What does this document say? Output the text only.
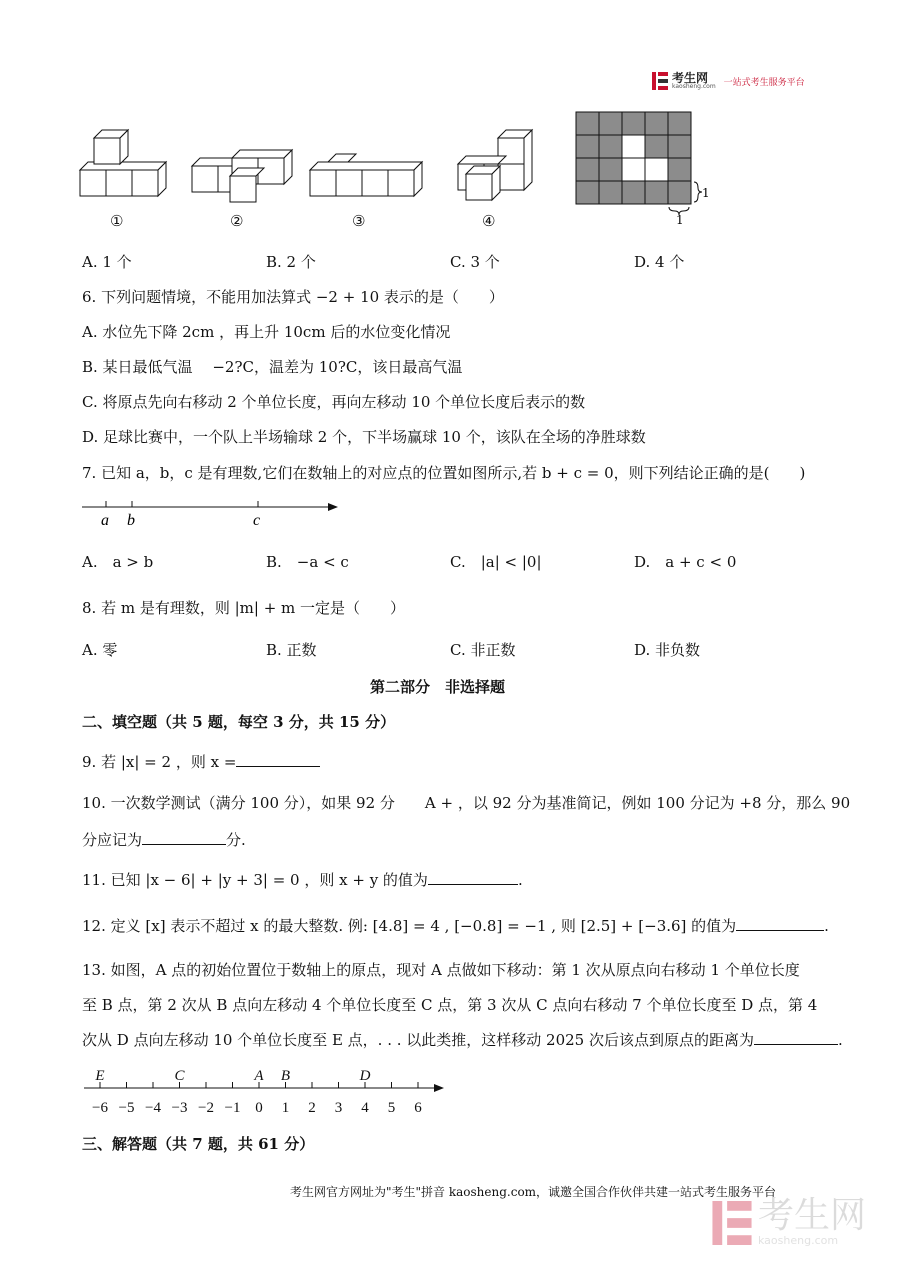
考生网
kaosheng.com 一站式考生服务平台
①	②	③	④
1
1
A. 1 个	B. 2 个	C. 3 个	D. 4 个
6. 下列问题情境，不能用加法算式 −2 + 10 表示的是（　　）
A. 水位先下降 2cm ，再上升 10cm 后的水位变化情况
B. 某日最低气温　 −2?C，温差为 10?C，该日最高气温
C. 将原点先向右移动 2 个单位长度，再向左移动 10 个单位长度后表示的数
D. 足球比赛中，一个队上半场输球 2 个，下半场赢球 10 个，该队在全场的净胜球数
7. 已知 a，b，c 是有理数,它们在数轴上的对应点的位置如图所示,若 b + c = 0，则下列结论正确的是(　　)
a b	c
A.　a > b	B.　−a < c	C.　|a| < |0|	D.　a + c < 0
8. 若 m 是有理数，则 |m| + m 一定是（　　）
A. 零	B. 正数	C. 非正数	D. 非负数
第二部分　非选择题
二、填空题（共 5 题，每空 3 分，共 15 分）
9. 若 |x| = 2 ，则 x =
10. 一次数学测试（满分 100 分），如果 92 分　　A + ，以 92 分为基准简记，例如 100 分记为 +8 分，那么 90
分应记为	分.
11. 已知 |x − 6| + |y + 3| = 0 ，则 x + y 的值为	.
12. 定义 [x] 表示不超过 x 的最大整数. 例: [4.8] = 4 , [−0.8] = −1 , 则 [2.5] + [−3.6] 的值为	.
13. 如图，A 点的初始位置位于数轴上的原点，现对 A 点做如下移动：第 1 次从原点向右移动 1 个单位长度
至 B 点，第 2 次从 B 点向左移动 4 个单位长度至 C 点，第 3 次从 C 点向右移动 7 个单位长度至 D 点，第 4
次从 D 点向左移动 10 个单位长度至 E 点，. . . 以此类推，这样移动 2025 次后该点到原点的距离为	.
−6 −5 −4 −3 −2 −1 0 1 2 3 4 5 6
E	C	A B	D
三、解答题（共 7 题，共 61 分）
考生网官方网址为"考生"拼音 kaosheng.com，诚邀全国合作伙伴共建一站式考生服务平台
考生网
kaosheng.com
